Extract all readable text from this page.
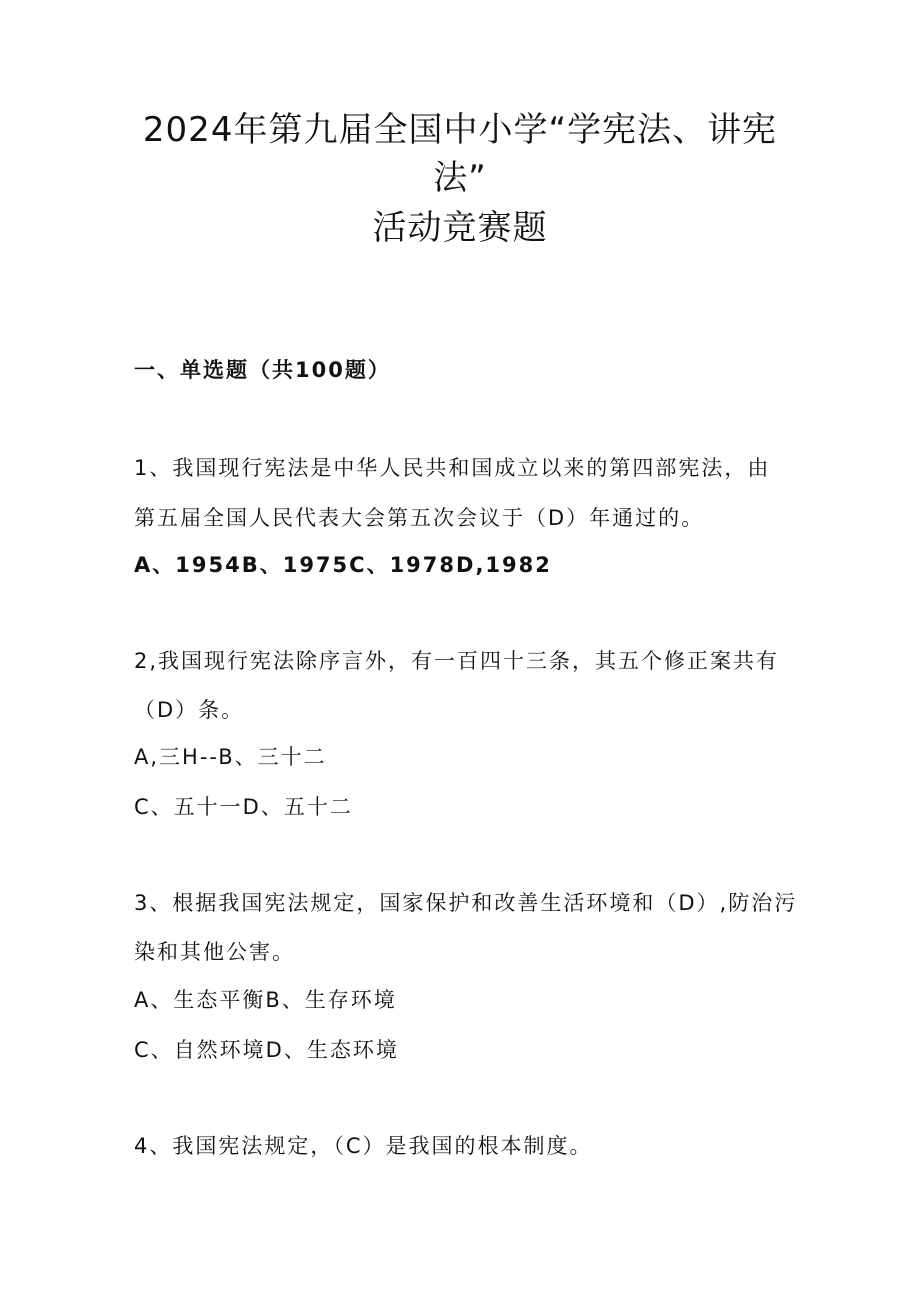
2024年第九届全国中小学“学宪法、讲宪
法”
活动竞赛题
一、单选题（共100题）
1、我国现行宪法是中华人民共和国成立以来的第四部宪法，由
第五届全国人民代表大会第五次会议于（D）年通过的。
A、1954B、1975C、1978D,1982
2,我国现行宪法除序言外，有一百四十三条，其五个修正案共有
（D）条。
A,三H--B、三十二
C、五十一D、五十二
3、根据我国宪法规定，国家保护和改善生活环境和（D）,防治污
染和其他公害。
A、生态平衡B、生存环境
C、自然环境D、生态环境
4、我国宪法规定，（C）是我国的根本制度。
